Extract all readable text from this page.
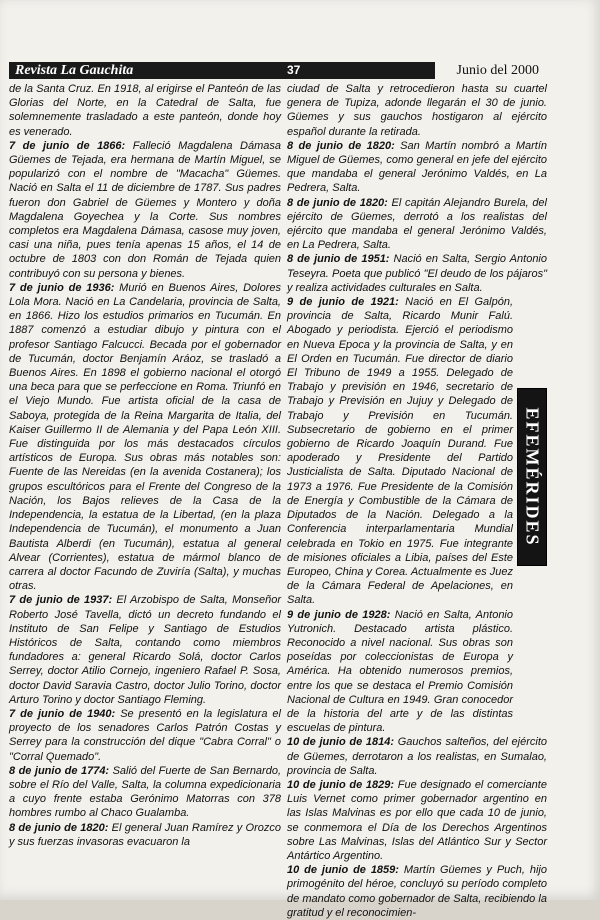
Revista La Gauchita	37	Junio del 2000

de la Santa Cruz. En 1918, al erigirse el Panteón de las Glorias del Norte, en la Catedral de Salta, fue solemnemente trasladado a este panteón, donde hoy es venerado.

7 de junio de 1866: Falleció Magdalena Dámasa Güemes de Tejada, era hermana de Martín Miguel, se popularizó con el nombre de "Macacha" Güemes. Nació en Salta el 11 de diciembre de 1787. Sus padres fueron don Gabriel de Güemes y Montero y doña Magdalena Goyechea y la Corte. Sus nombres completos era Magdalena Dámasa, casose muy joven, casi una niña, pues tenía apenas 15 años, el 14 de octubre de 1803 con don Román de Tejada quien contribuyó con su persona y bienes.

7 de junio de 1936: Murió en Buenos Aires, Dolores Lola Mora. Nació en La Candelaria, provincia de Salta, en 1866. Hizo los estudios primarios en Tucumán. En 1887 comenzó a estudiar dibujo y pintura con el profesor Santiago Falcucci. Becada por el gobernador de Tucumán, doctor Benjamín Aráoz, se trasladó a Buenos Aires. En 1898 el gobierno nacional el otorgó una beca para que se perfeccione en Roma. Triunfó en el Viejo Mundo. Fue artista oficial de la casa de Saboya, protegida de la Reina Margarita de Italia, del Kaiser Guillermo II de Alemania y del Papa León XIII. Fue distinguida por los más destacados círculos artísticos de Europa. Sus obras más notables son: Fuente de las Nereidas (en la avenida Costanera); los grupos escultóricos para el Frente del Congreso de la Nación, los Bajos relieves de la Casa de la Independencia, la estatua de la Libertad, (en la plaza Independencia de Tucumán), el monumento a Juan Bautista Alberdi (en Tucumán), estatua al general Alvear (Corrientes), estatua de mármol blanco de carrera al doctor Facundo de Zuviría (Salta), y muchas otras.

7 de junio de 1937: El Arzobispo de Salta, Monseñor Roberto José Tavella, dictó un decreto fundando el Instituto de San Felipe y Santiago de Estudios Históricos de Salta, contando como miembros fundadores a: general Ricardo Solá, doctor Carlos Serrey, doctor Atilio Cornejo, ingeniero Rafael P. Sosa, doctor David Saravia Castro, doctor Julio Torino, doctor Arturo Torino y doctor Santiago Fleming.

7 de junio de 1940: Se presentó en la legislatura el proyecto de los senadores Carlos Patrón Costas y Serrey para la construcción del dique "Cabra Corral" o "Corral Quemado".

8 de junio de 1774: Salió del Fuerte de San Bernardo, sobre el Río del Valle, Salta, la columna expedicionaria a cuyo frente estaba Gerónimo Matorras con 378 hombres rumbo al Chaco Gualamba.

8 de junio de 1820: El general Juan Ramírez y Orozco y sus fuerzas invasoras evacuaron la

ciudad de Salta y retrocedieron hasta su cuartel genera de Tupiza, adonde llegarán el 30 de junio. Güemes y sus gauchos hostigaron al ejército español durante la retirada.

8 de junio de 1820: San Martín nombró a Martín Miguel de Güemes, como general en jefe del ejército que mandaba el general Jerónimo Valdés, en La Pedrera, Salta.

8 de junio de 1820: El capitán Alejandro Burela, del ejército de Güemes, derrotó a los realistas del ejército que mandaba el general Jerónimo Valdés, en La Pedrera, Salta.

8 de junio de 1951: Nació en Salta, Sergio Antonio Teseyra. Poeta que publicó "El deudo de los pájaros" y realiza actividades culturales en Salta.

9 de junio de 1921: Nació en El Galpón, provincia de Salta, Ricardo Munir Falú. Abogado y periodista. Ejerció el periodismo en Nueva Epoca y la provincia de Salta, y en El Orden en Tucumán. Fue director de diario El Tribuno de 1949 a 1955. Delegado de Trabajo y previsión en 1946, secretario de Trabajo y Previsión en Jujuy y Delegado de Trabajo y Previsión en Tucumán. Subsecretario de gobierno en el primer gobierno de Ricardo Joaquín Durand. Fue apoderado y Presidente del Partido Justicialista de Salta. Diputado Nacional de 1973 a 1976. Fue Presidente de la Comisión de Energía y Combustible de la Cámara de Diputados de la Nación. Delegado a la Conferencia interparlamentaria Mundial celebrada en Tokio en 1975. Fue integrante de misiones oficiales a Libia, países del Este Europeo, China y Corea. Actualmente es Juez de la Cámara Federal de Apelaciones, en Salta.

9 de junio de 1928: Nació en Salta, Antonio Yutronich. Destacado artista plástico. Reconocido a nivel nacional. Sus obras son poseídas por coleccionistas de Europa y América. Ha obtenido numerosos premios, entre los que se destaca el Premio Comisión Nacional de Cultura en 1949. Gran conocedor de la historia del arte y de las distintas escuelas de pintura.

10 de junio de 1814: Gauchos salteños, del ejército de Güemes, derrotaron a los realistas, en Sumalao, provincia de Salta.

10 de junio de 1829: Fue designado el comerciante Luis Vernet como primer gobernador argentino en las Islas Malvinas es por ello que cada 10 de junio, se conmemora el Día de los Derechos Argentinos sobre Las Malvinas, Islas del Atlántico Sur y Sector Antártico Argentino.

10 de junio de 1859: Martín Güemes y Puch, hijo primogénito del héroe, concluyó su período completo de mandato como gobernador de Salta, recibiendo la gratitud y el reconocimien-

EFEMÉRIDES
